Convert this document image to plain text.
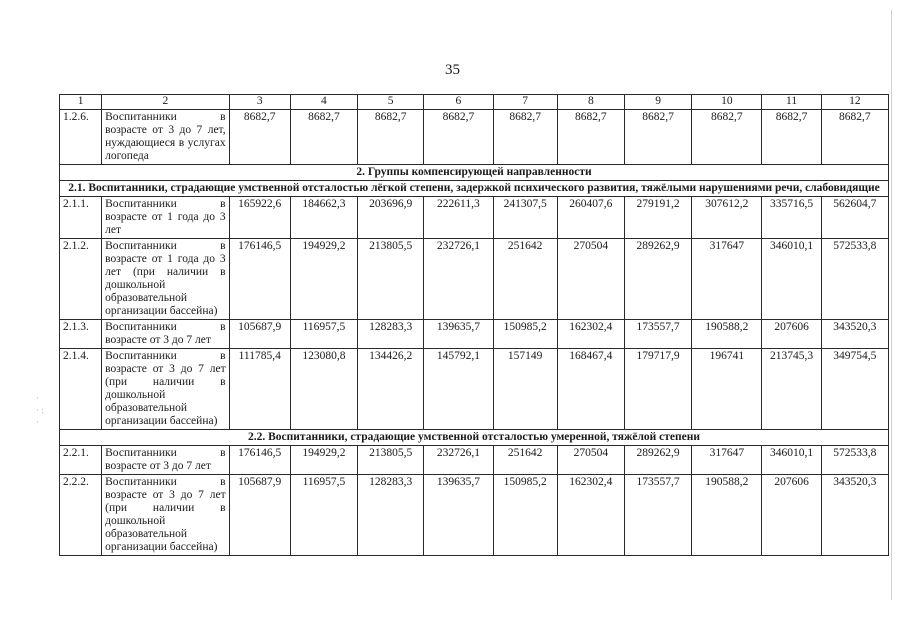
35
·
· :
·
1	2	3	4	5	6	7	8	9	10	11	12
1.2.6.	Воспитанники в возрасте от 3 до 7 лет, нуждающиеся в услугах логопеда	8682,7	8682,7	8682,7	8682,7	8682,7	8682,7	8682,7	8682,7	8682,7	8682,7
2. Группы компенсирующей направленности											
2.1. Воспитанники, страдающие умственной отсталостью лёгкой степени, задержкой психического развития, тяжёлыми нарушениями речи, слабовидящие											
2.1.1.	Воспитанники в возрасте от 1 года до 3 лет	165922,6	184662,3	203696,9	222611,3	241307,5	260407,6	279191,2	307612,2	335716,5	562604,7
2.1.2.	Воспитанники в возрасте от 1 года до 3 лет (при наличии в дошкольной образовательной организации бассейна)	176146,5	194929,2	213805,5	232726,1	251642	270504	289262,9	317647	346010,1	572533,8
2.1.3.	Воспитанники в возрасте от 3 до 7 лет	105687,9	116957,5	128283,3	139635,7	150985,2	162302,4	173557,7	190588,2	207606	343520,3
2.1.4.	Воспитанники в возрасте от 3 до 7 лет (при наличии в дошкольной образовательной организации бассейна)	111785,4	123080,8	134426,2	145792,1	157149	168467,4	179717,9	196741	213745,3	349754,5
2.2. Воспитанники, страдающие умственной отсталостью умеренной, тяжёлой степени											
2.2.1.	Воспитанники в возрасте от 3 до 7 лет	176146,5	194929,2	213805,5	232726,1	251642	270504	289262,9	317647	346010,1	572533,8
2.2.2.	Воспитанники в возрасте от 3 до 7 лет (при наличии в дошкольной образовательной организации бассейна)	105687,9	116957,5	128283,3	139635,7	150985,2	162302,4	173557,7	190588,2	207606	343520,3
